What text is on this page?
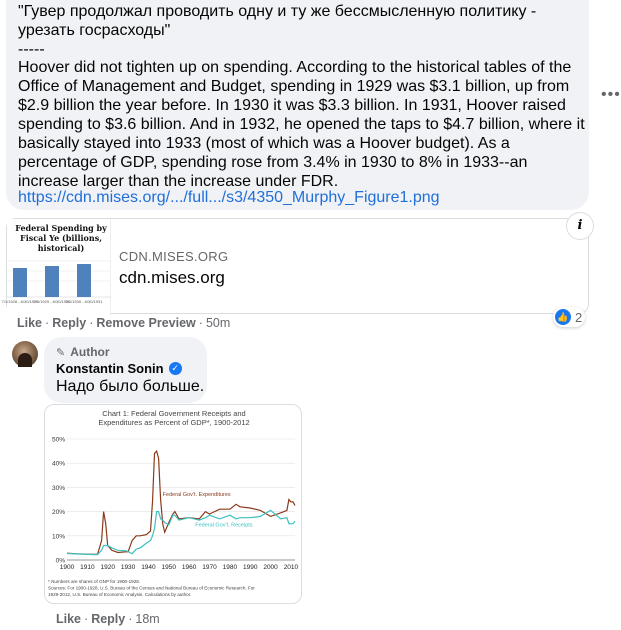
"Гувер продолжал проводить одну и ту же бессмысленную политику - урезать госрасходы"

-----

Hoover did not tighten up on spending. According to the historical tables of the Office of Management and Budget, spending in 1929 was $3.1 billion, up from $2.9 billion the year before. In 1930 it was $3.3 billion. In 1931, Hoover raised spending to $3.6 billion. And in 1932, he opened the taps to $4.7 billion, where it basically stayed into 1933 (most of which was a Hoover budget). As a percentage of GDP, spending rose from 3.4% in 1930 to 8% in 1933--an increase larger than the increase under FDR.

https://cdn.mises.org/.../full.../s3/4350_Murphy_Figure1.png
•••
Federal Spending by Fiscal Ye (billions, historical)
7/1/1928 - 6/30/1929
7/1/1929 - 6/30/1930
7/1/1930 - 6/30/1931
CDN.MISES.ORG
cdn.mises.org
i
Like · Reply · Remove Preview · 50m	👍 2
✎ Author
Konstantin Sonin ✓
Надо было больше.
Chart 1: Federal Government Receipts and
Expenditures as Percent of GDP*, 1900-2012
0%
10%
20%
30%
40%
50%
1900 1910 1920 1930 1940 1950 1960 1970 1980 1990 2000 2010
Federal Gov't. Expenditures
Federal Gov't. Receipts
* Numbers are shares of GNP for 1900-1928.
Sources: For 1900-1928, U.S. Bureau of the Census and National Bureau of Economic Research. For
1929-2012, U.S. Bureau of Economic Analysis. Calculations by author.
Like · Reply · 18m
